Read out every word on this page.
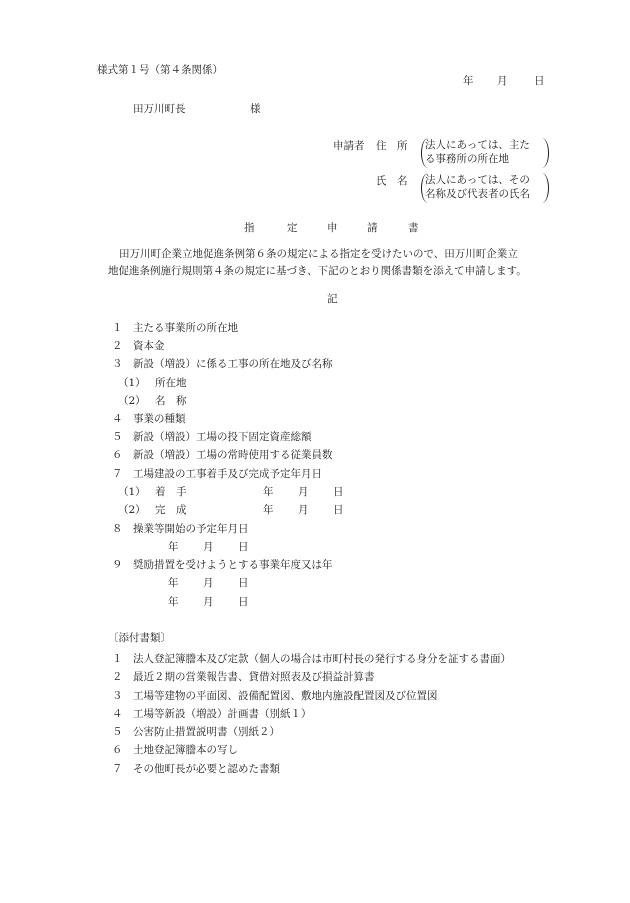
様式第１号（第４条関係）
年 月	日
田万川町長	様
申請者 住　所 法人にあっては、主た
る事務所の所在地
氏　名 法人にあっては、その
名称及び代表者の氏名
指	定	申	請	書
田万川町企業立地促進条例第６条の規定による指定を受けたいので、田万川町企業立
地促進条例施行規則第４条の規定に基づき、下記のとおり関係書類を添えて申請します。
記
１ 主たる事業所の所在地
２ 資本金
３ 新設（増設）に係る工事の所在地及び名称
（1） 所在地
（2） 名　称
４ 事業の種類
５ 新設（増設）工場の投下固定資産総額
６ 新設（増設）工場の常時使用する従業員数
７ 工場建設の工事着手及び完成予定年月日
（1） 着　手	年 月 日
（2） 完　成	年 月 日
８ 操業等開始の予定年月日
年 月 日
９ 奨励措置を受けようとする事業年度又は年
年 月 日
年 月 日
〔添付書類〕
１ 法人登記簿謄本及び定款（個人の場合は市町村長の発行する身分を証する書面）
２ 最近２期の営業報告書、貸借対照表及び損益計算書
３ 工場等建物の平面図、設備配置図、敷地内施設配置図及び位置図
４ 工場等新設（増設）計画書（別紙１）
５ 公害防止措置説明書（別紙２）
６ 土地登記簿謄本の写し
７ その他町長が必要と認めた書類
